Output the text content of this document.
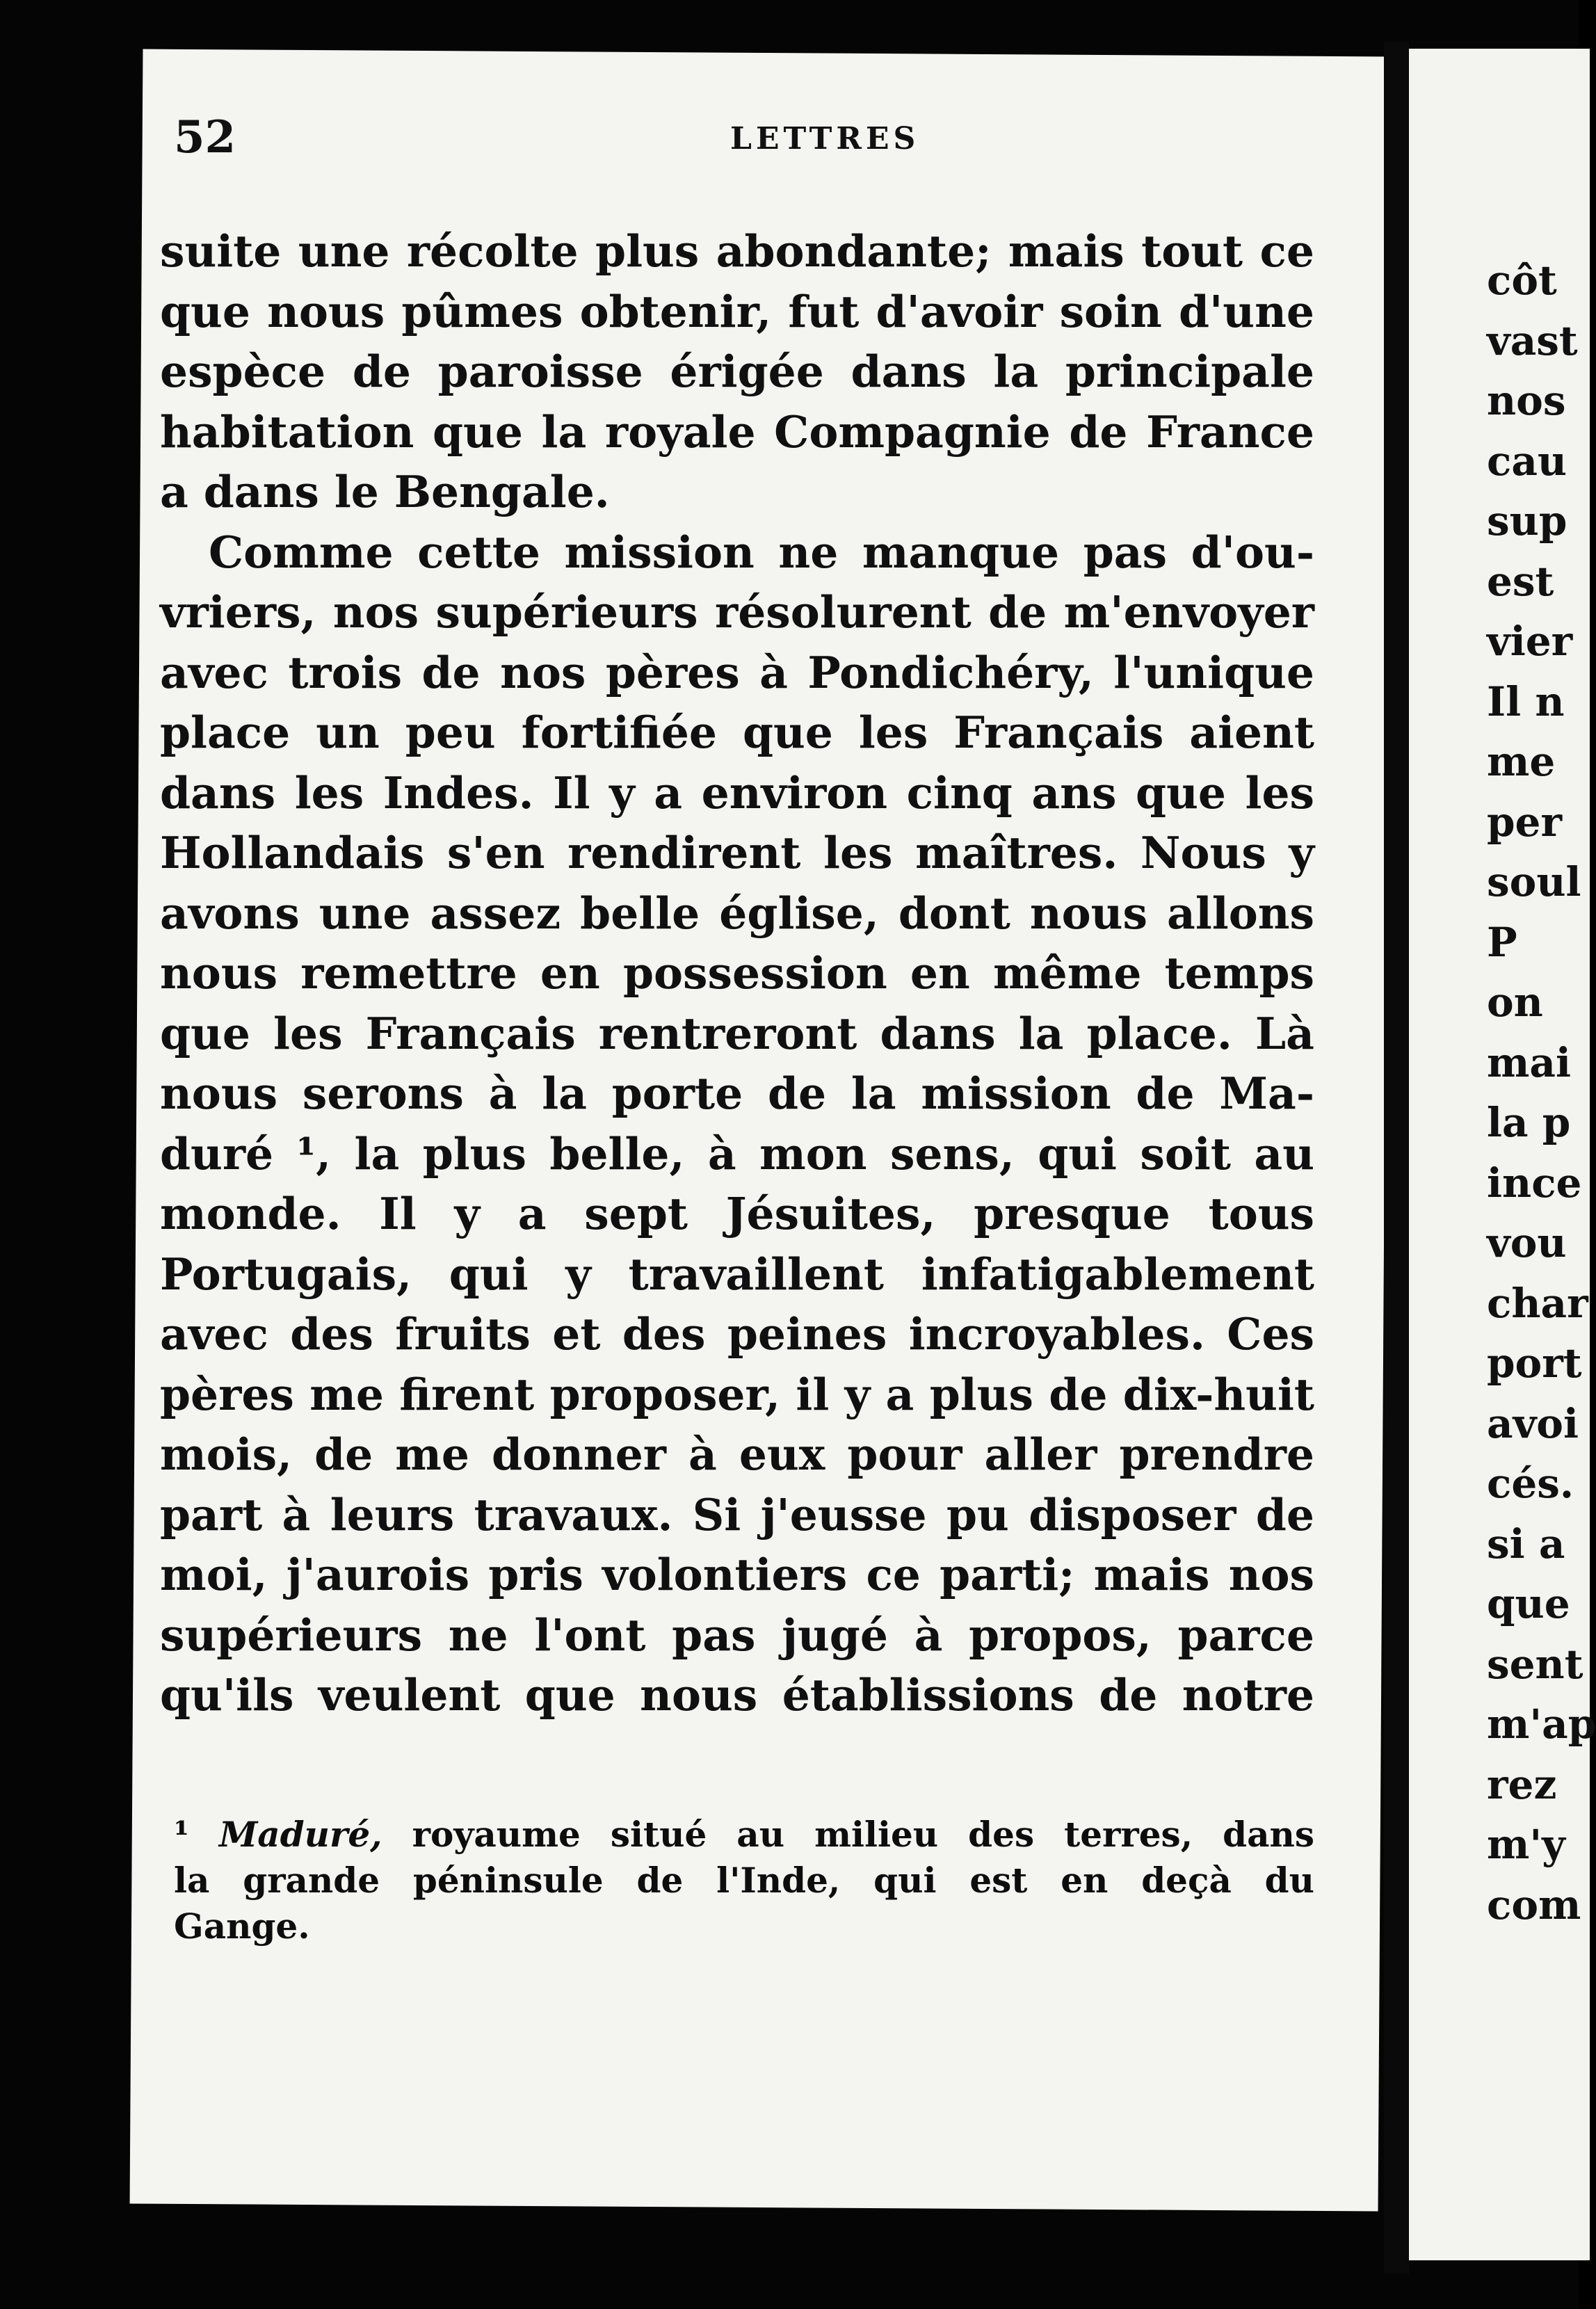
52	LETTRES
suite une récolte plus abondante; mais tout ce
que nous pûmes obtenir, fut d'avoir soin d'une
espèce de paroisse érigée dans la principale
habitation que la royale Compagnie de France
a dans le Bengale.
Comme cette mission ne manque pas d'ou-
vriers, nos supérieurs résolurent de m'envoyer
avec trois de nos pères à Pondichéry, l'unique
place un peu fortifiée que les Français aient
dans les Indes. Il y a environ cinq ans que les
Hollandais s'en rendirent les maîtres. Nous y
avons une assez belle église, dont nous allons
nous remettre en possession en même temps
que les Français rentreront dans la place. Là
nous serons à la porte de la mission de Ma-
duré ¹, la plus belle, à mon sens, qui soit au
monde. Il y a sept Jésuites, presque tous
Portugais, qui y travaillent infatigablement
avec des fruits et des peines incroyables. Ces
pères me firent proposer, il y a plus de dix-huit
mois, de me donner à eux pour aller prendre
part à leurs travaux. Si j'eusse pu disposer de
moi, j'aurois pris volontiers ce parti; mais nos
supérieurs ne l'ont pas jugé à propos, parce
qu'ils veulent que nous établissions de notre
¹ Maduré, royaume situé au milieu des terres, dans
la grande péninsule de l'Inde, qui est en deçà du
Gange.
côt
vast
nos
cau
sup
est
vier
Il n
me
per
soul
P
on
mai
la p
ince
vou
char
port
avoi
cés.
si a
que
sent
m'ap
rez
m'y
com
